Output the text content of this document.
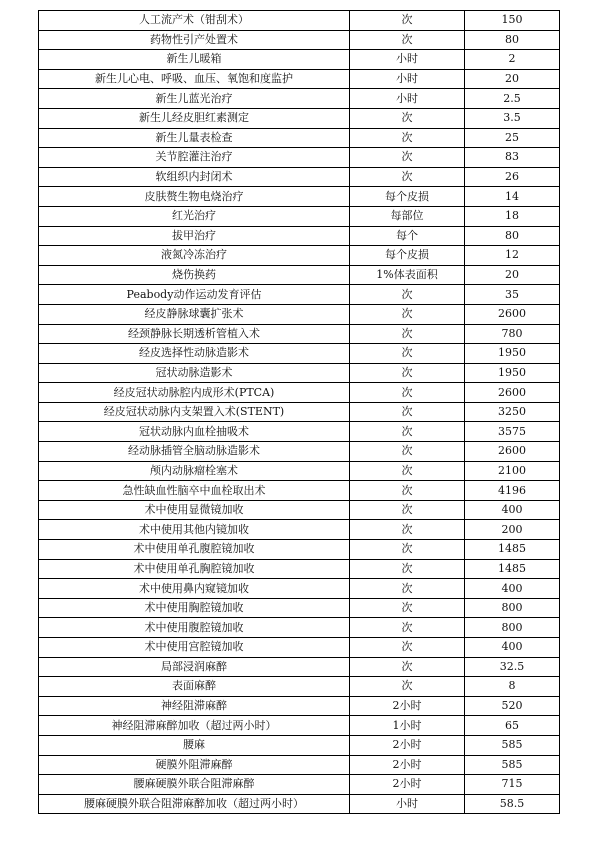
人工流产术（钳刮术）	次	150
药物性引产处置术	次	80
新生儿暖箱	小时	2
新生儿心电、呼吸、血压、氧饱和度监护	小时	20
新生儿蓝光治疗	小时	2.5
新生儿经皮胆红素测定	次	3.5
新生儿量表检查	次	25
关节腔灌注治疗	次	83
软组织内封闭术	次	26
皮肤赘生物电烧治疗	每个皮损	14
红光治疗	每部位	18
拔甲治疗	每个	80
液氮冷冻治疗	每个皮损	12
烧伤换药	1%体表面积	20
Peabody动作运动发育评估	次	35
经皮静脉球囊扩张术	次	2600
经颈静脉长期透析管植入术	次	780
经皮选择性动脉造影术	次	1950
冠状动脉造影术	次	1950
经皮冠状动脉腔内成形术(PTCA)	次	2600
经皮冠状动脉内支架置入术(STENT)	次	3250
冠状动脉内血栓抽吸术	次	3575
经动脉插管全脑动脉造影术	次	2600
颅内动脉瘤栓塞术	次	2100
急性缺血性脑卒中血栓取出术	次	4196
术中使用显微镜加收	次	400
术中使用其他内镜加收	次	200
术中使用单孔腹腔镜加收	次	1485
术中使用单孔胸腔镜加收	次	1485
术中使用鼻内窥镜加收	次	400
术中使用胸腔镜加收	次	800
术中使用腹腔镜加收	次	800
术中使用宫腔镜加收	次	400
局部浸润麻醉	次	32.5
表面麻醉	次	8
神经阻滞麻醉	2小时	520
神经阻滞麻醉加收（超过两小时）	1小时	65
腰麻	2小时	585
硬膜外阻滞麻醉	2小时	585
腰麻硬膜外联合阻滞麻醉	2小时	715
腰麻硬膜外联合阻滞麻醉加收（超过两小时）	小时	58.5
